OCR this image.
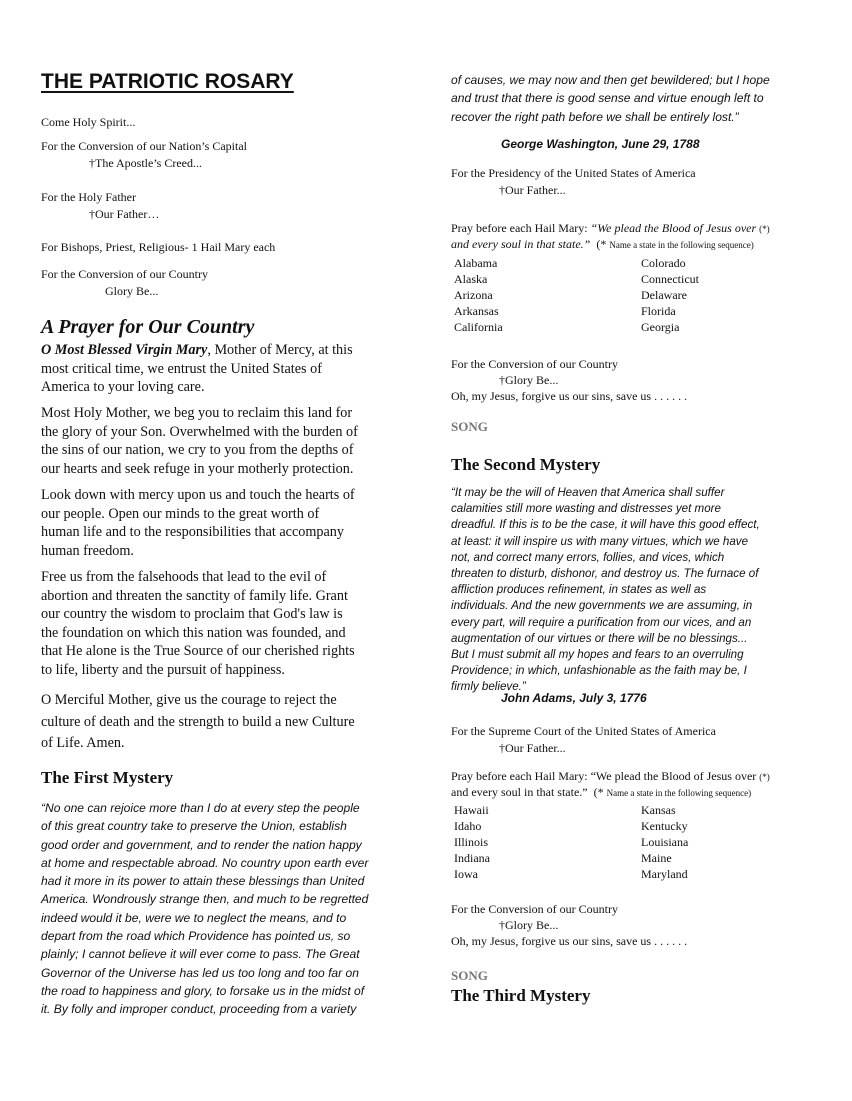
THE PATRIOTIC ROSARY
Come Holy Spirit...
For the Conversion of our Nation’s Capital
†The Apostle’s Creed...
For the Holy Father
†Our Father…
For Bishops, Priest, Religious- 1 Hail Mary each
For the Conversion of our Country
Glory Be...
A Prayer for Our Country
O Most Blessed Virgin Mary, Mother of Mercy, at this
most critical time, we entrust the United States of
America to your loving care.
Most Holy Mother, we beg you to reclaim this land for
the glory of your Son. Overwhelmed with the burden of
the sins of our nation, we cry to you from the depths of
our hearts and seek refuge in your motherly protection.
Look down with mercy upon us and touch the hearts of
our people. Open our minds to the great worth of
human life and to the responsibilities that accompany
human freedom.
Free us from the falsehoods that lead to the evil of
abortion and threaten the sanctity of family life. Grant
our country the wisdom to proclaim that God's law is
the foundation on which this nation was founded, and
that He alone is the True Source of our cherished rights
to life, liberty and the pursuit of happiness.
O Merciful Mother, give us the courage to reject the
culture of death and the strength to build a new Culture
of Life. Amen.
The First Mystery
“No one can rejoice more than I do at every step the people
of this great country take to preserve the Union, establish
good order and government, and to render the nation happy
at home and respectable abroad. No country upon earth ever
had it more in its power to attain these blessings than United
America. Wondrously strange then, and much to be regretted
indeed would it be, were we to neglect the means, and to
depart from the road which Providence has pointed us, so
plainly; I cannot believe it will ever come to pass. The Great
Governor of the Universe has led us too long and too far on
the road to happiness and glory, to forsake us in the midst of
it. By folly and improper conduct, proceeding from a variety
of causes, we may now and then get bewildered; but I hope
and trust that there is good sense and virtue enough left to
recover the right path before we shall be entirely lost.”
George Washington, June 29, 1788
For the Presidency of the United States of America
†Our Father...
Pray before each Hail Mary: “We plead the Blood of Jesus over (*)
and every soul in that state.” (* Name a state in the following sequence)
Alabama
Alaska
Arizona
Arkansas
California
Colorado
Connecticut
Delaware
Florida
Georgia
For the Conversion of our Country
†Glory Be...
Oh, my Jesus, forgive us our sins, save us . . . . . .
SONG
The Second Mystery
“It may be the will of Heaven that America shall suffer
calamities still more wasting and distresses yet more
dreadful. If this is to be the case, it will have this good effect,
at least: it will inspire us with many virtues, which we have
not, and correct many errors, follies, and vices, which
threaten to disturb, dishonor, and destroy us. The furnace of
affliction produces refinement, in states as well as
individuals. And the new governments we are assuming, in
every part, will require a purification from our vices, and an
augmentation of our virtues or there will be no blessings...
But I must submit all my hopes and fears to an overruling
Providence; in which, unfashionable as the faith may be, I
firmly believe.”
John Adams, July 3, 1776
For the Supreme Court of the United States of America
†Our Father...
Pray before each Hail Mary: “We plead the Blood of Jesus over (*)
and every soul in that state.” (* Name a state in the following sequence)
Hawaii
Idaho
Illinois
Indiana
Iowa
Kansas
Kentucky
Louisiana
Maine
Maryland
For the Conversion of our Country
†Glory Be...
Oh, my Jesus, forgive us our sins, save us . . . . . .
SONG
The Third Mystery
